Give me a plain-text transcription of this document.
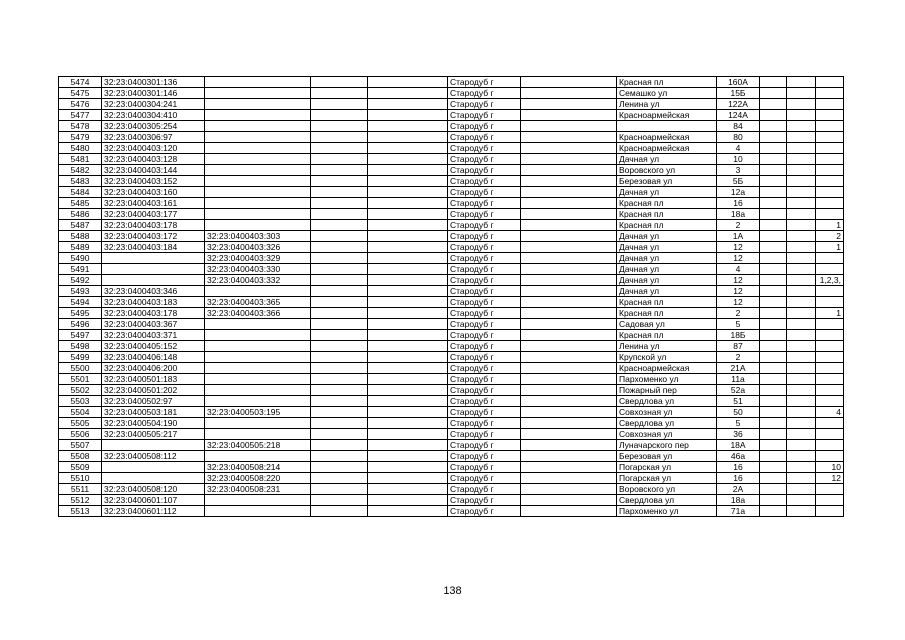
5474	32:23:0400301:136				Стародуб г		Красная пл	160А			
5475	32:23:0400301:146				Стародуб г		Семашко ул	15Б			
5476	32:23:0400304:241				Стародуб г		Ленина ул	122А			
5477	32:23:0400304:410				Стародуб г		Красноармейская	124А			
5478	32:23:0400305:254				Стародуб г			84			
5479	32:23:0400306:97				Стародуб г		Красноармейская	80			
5480	32:23:0400403:120				Стародуб г		Красноармейская	4			
5481	32:23:0400403:128				Стародуб г		Дачная ул	10			
5482	32:23:0400403:144				Стародуб г		Воровского ул	3			
5483	32:23:0400403:152				Стародуб г		Березовая ул	5Б			
5484	32:23:0400403:160				Стародуб г		Дачная ул	12а			
5485	32:23:0400403:161				Стародуб г		Красная пл	16			
5486	32:23:0400403:177				Стародуб г		Красная пл	18а			
5487	32:23:0400403:178				Стародуб г		Красная пл	2			1
5488	32:23:0400403:172	32:23:0400403:303			Стародуб г		Дачная ул	1А			2
5489	32:23:0400403:184	32:23:0400403:326			Стародуб г		Дачная ул	12			1
5490		32:23:0400403:329			Стародуб г		Дачная ул	12			
5491		32:23:0400403:330			Стародуб г		Дачная ул	4			
5492		32:23:0400403:332			Стародуб г		Дачная ул	12			1,2,3,
5493	32:23:0400403:346				Стародуб г		Дачная ул	12			
5494	32:23:0400403:183	32:23:0400403:365			Стародуб г		Красная пл	12			
5495	32:23:0400403:178	32:23:0400403:366			Стародуб г		Красная пл	2			1
5496	32:23:0400403:367				Стародуб г		Садовая ул	5			
5497	32:23:0400403:371				Стародуб г		Красная пл	18Б			
5498	32:23:0400405:152				Стародуб г		Ленина ул	87			
5499	32:23:0400406:148				Стародуб г		Крупской ул	2			
5500	32:23:0400406:200				Стародуб г		Красноармейская	21А			
5501	32:23:0400501:183				Стародуб г		Пархоменко ул	11а			
5502	32:23:0400501:202				Стародуб г		Пожарный пер	52а			
5503	32:23:0400502:97				Стародуб г		Свердлова ул	51			
5504	32:23:0400503:181	32:23:0400503:195			Стародуб г		Совхозная ул	50			4
5505	32:23:0400504:190				Стародуб г		Свердлова ул	5			
5506	32:23:0400505:217				Стародуб г		Совхозная ул	36			
5507		32:23:0400505:218			Стародуб г		Луначарского пер	18А			
5508	32:23:0400508:112				Стародуб г		Березовая ул	46а			
5509		32:23:0400508:214			Стародуб г		Погарская ул	16			10
5510		32:23:0400508:220			Стародуб г		Погарская ул	16			12
5511	32:23:0400508:120	32:23:0400508:231			Стародуб г		Воровского ул	2А			
5512	32:23:0400601:107				Стародуб г		Свердлова ул	18а			
5513	32:23:0400601:112				Стародуб г		Пархоменко ул	71а			
138
